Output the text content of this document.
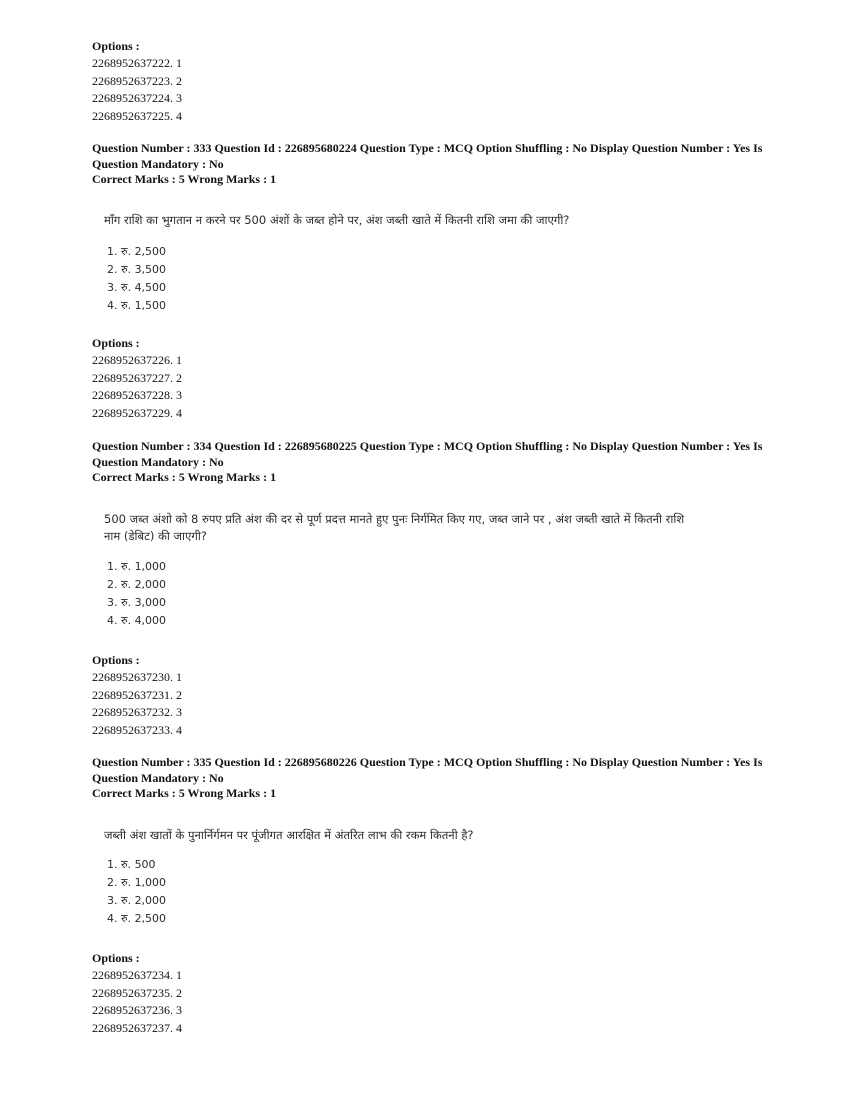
Options :

2268952637222. 1

2268952637223. 2

2268952637224. 3

2268952637225. 4

Question Number : 333 Question Id : 226895680224 Question Type : MCQ Option Shuffling : No Display Question Number : Yes Is

Question Mandatory : No

Correct Marks : 5 Wrong Marks : 1

माँग राशि का भुगतान न करने पर 500 अंशों के जब्त होने पर, अंश जब्ती खाते में कितनी राशि जमा की जाएगी?
1. रु. 2,500
2. रु. 3,500
3. रु. 4,500
4. रु. 1,500

Options :

2268952637226. 1

2268952637227. 2

2268952637228. 3

2268952637229. 4

Question Number : 334 Question Id : 226895680225 Question Type : MCQ Option Shuffling : No Display Question Number : Yes Is

Question Mandatory : No

Correct Marks : 5 Wrong Marks : 1

500 जब्त अंशो को 8 रुपए प्रति अंश की दर से पूर्ण प्रदत्त मानते हुए पुनः निर्गमित किए गए, जब्त जाने पर , अंश जब्ती खाते में कितनी राशि
नाम (डेबिट) की जाएगी?
1. रु. 1,000
2. रु. 2,000
3. रु. 3,000
4. रु. 4,000

Options :

2268952637230. 1

2268952637231. 2

2268952637232. 3

2268952637233. 4

Question Number : 335 Question Id : 226895680226 Question Type : MCQ Option Shuffling : No Display Question Number : Yes Is

Question Mandatory : No

Correct Marks : 5 Wrong Marks : 1

जब्ती अंश खातों के पुनार्निर्गमन पर पूंजीगत आरक्षित में अंतरित लाभ की रकम कितनी है?
1. रु. 500
2. रु. 1,000
3. रु. 2,000
4. रु. 2,500

Options :

2268952637234. 1

2268952637235. 2

2268952637236. 3

2268952637237. 4
